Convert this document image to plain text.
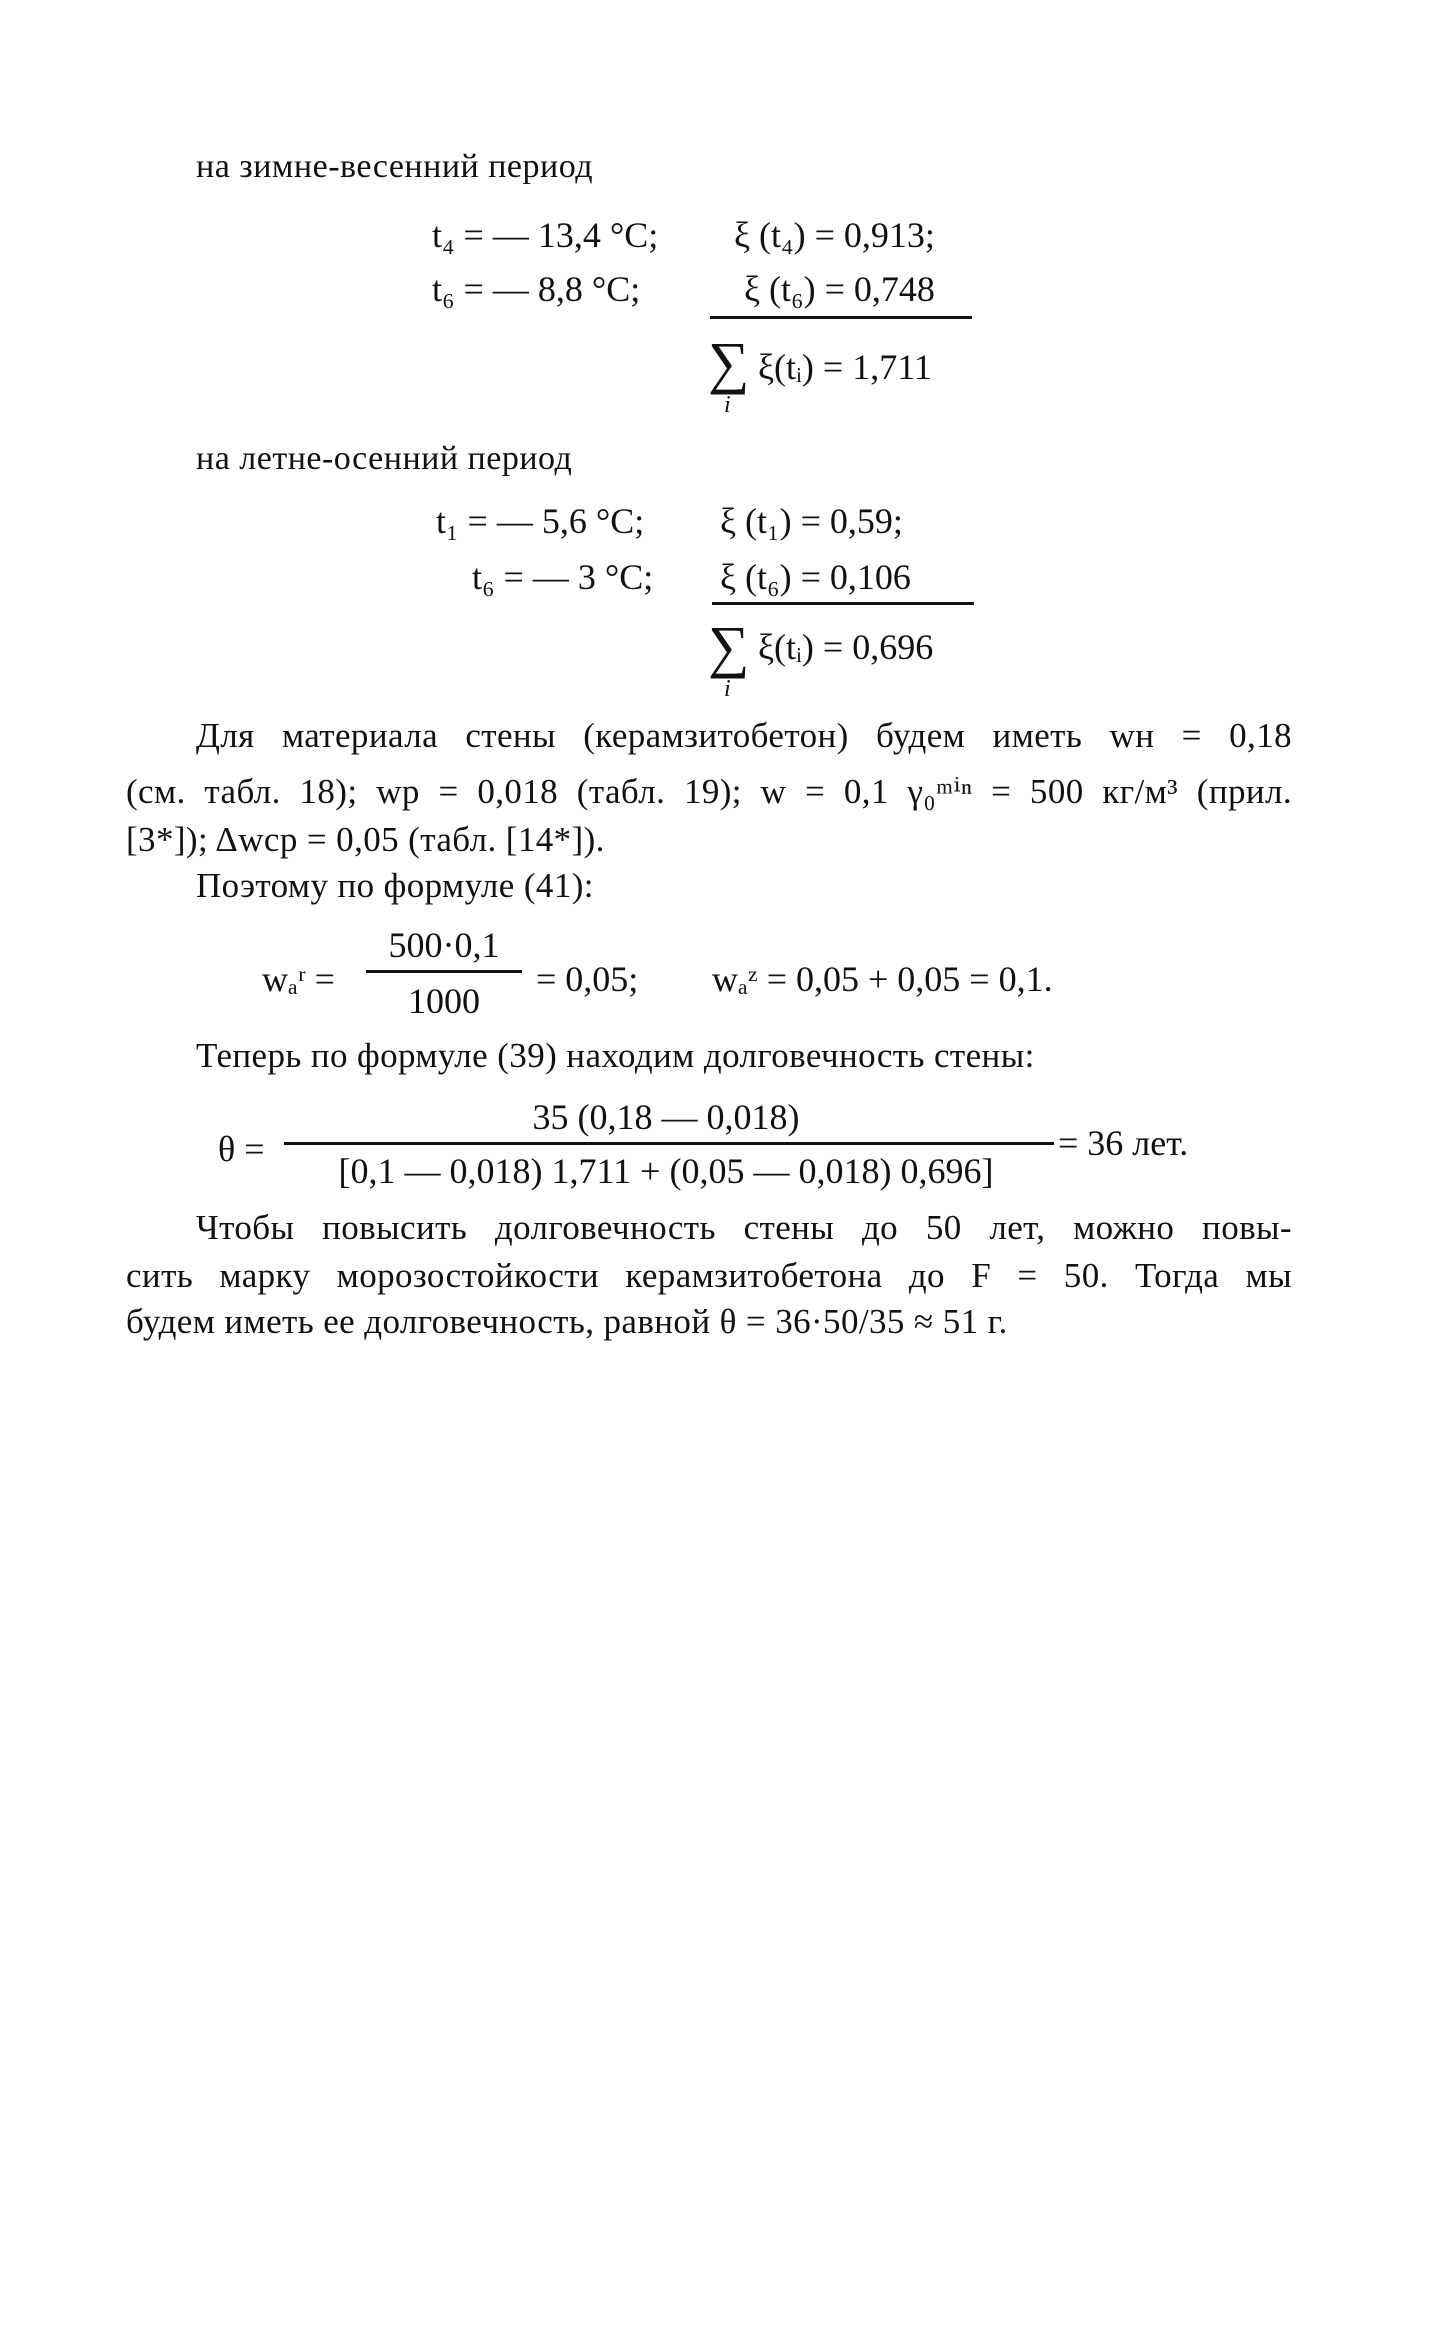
на зимне-весенний период
t₄ = — 13,4 °C; ξ (t₄) = 0,913;
t₆ = — 8,8 °C;	ξ (t₆) = 0,748
∑
i
ξ(tᵢ) = 1,711
на летне-осенний период
t₁ = — 5,6 °C; ξ (t₁) = 0,59;
t₆ = — 3 °C; ξ (t₆) = 0,106
∑
i
ξ(tᵢ) = 0,696
Для материала стены (керамзитобетон) будем иметь wн = 0,18
(см. табл. 18); wр = 0,018 (табл. 19); w = 0,1 γ₀ᵐⁱⁿ = 500 кг/м³ (прил.
[3*]); Δwср = 0,05 (табл. [14*]).
Поэтому по формуле (41):
wₐʳ =
500·0,1
1000
= 0,05; wₐᶻ = 0,05 + 0,05 = 0,1.
Теперь по формуле (39) находим долговечность стены:
θ =
35 (0,18 — 0,018)
[0,1 — 0,018) 1,711 + (0,05 — 0,018) 0,696]
= 36 лет.
Чтобы повысить долговечность стены до 50 лет, можно повы-
сить марку морозостойкости керамзитобетона до F = 50. Тогда мы
будем иметь ее долговечность, равной θ = 36·50/35 ≈ 51 г.
